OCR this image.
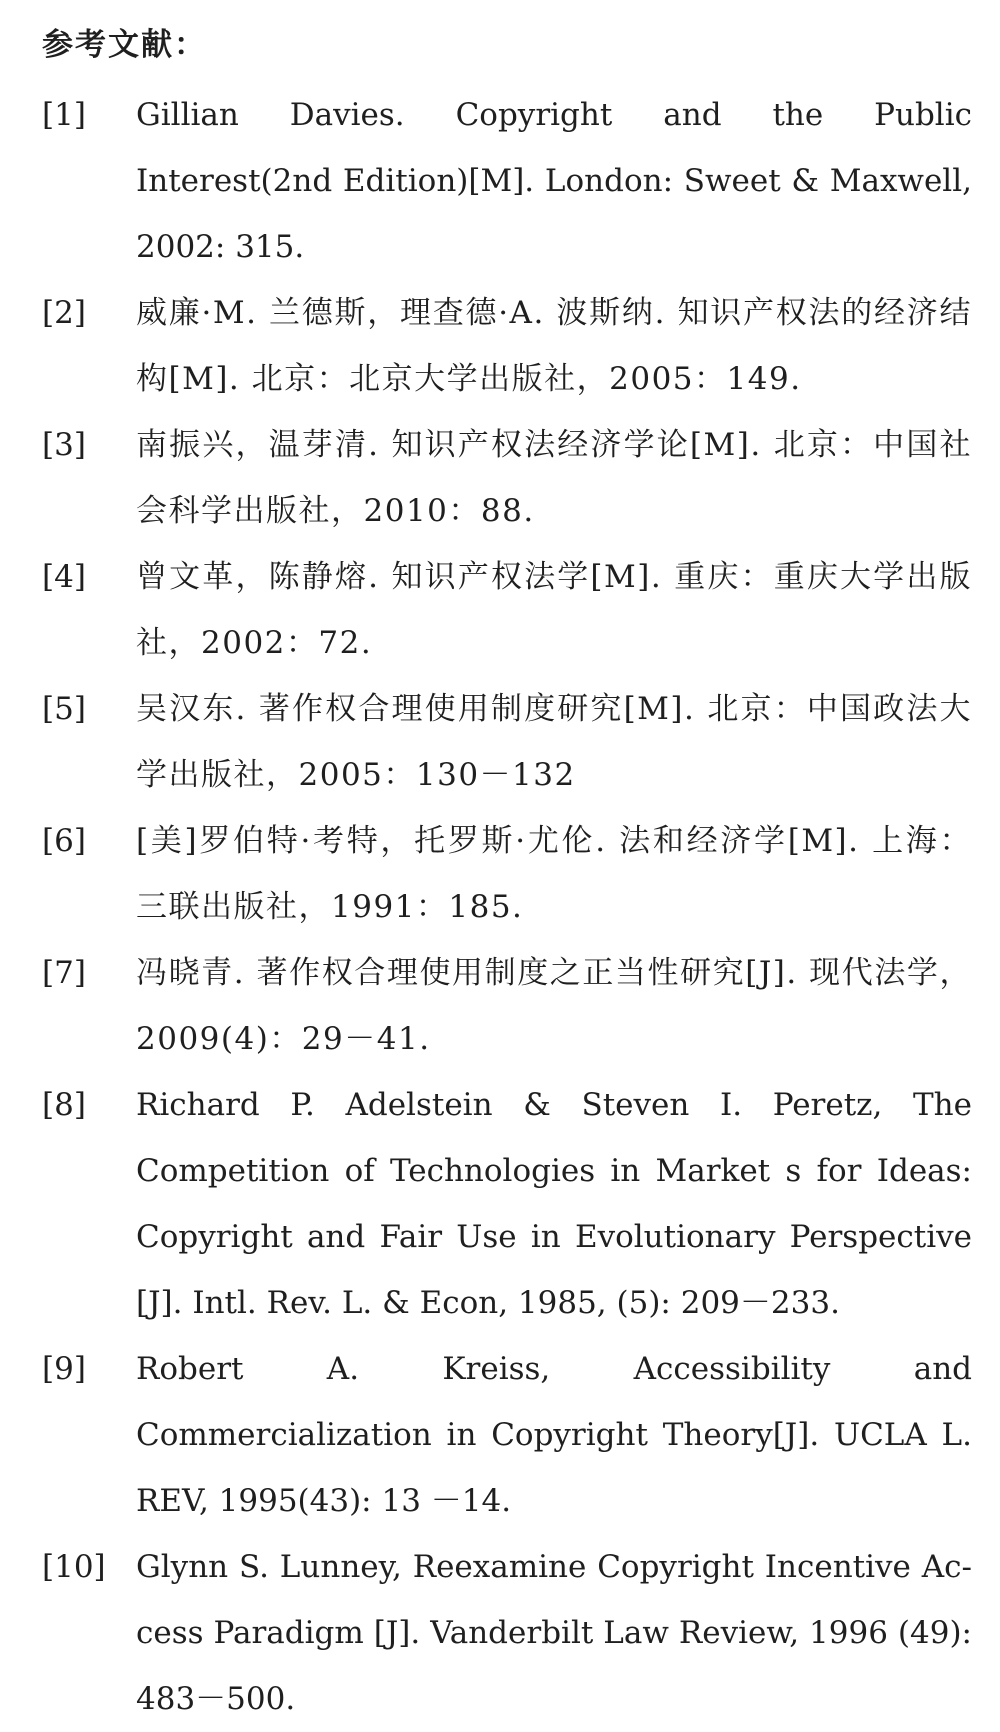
参考文献：
[1]	Gillian Davies. Copyright and the Public Interest(2nd Edition)[M]. London: Sweet & Maxwell, 2002: 315.
[2]	威廉·M. 兰德斯，理查德·A. 波斯纳. 知识产权法的经济结构[M]. 北京：北京大学出版社，2005：149.
[3]	南振兴，温芽清. 知识产权法经济学论[M]. 北京：中国社会科学出版社，2010：88.
[4]	曾文革，陈静熔. 知识产权法学[M]. 重庆：重庆大学出版社，2002：72.
[5]	吴汉东. 著作权合理使用制度研究[M]. 北京：中国政法大学出版社，2005：130－132
[6]	[美]罗伯特·考特，托罗斯·尤伦. 法和经济学[M]. 上海：三联出版社，1991：185.
[7]	冯晓青. 著作权合理使用制度之正当性研究[J]. 现代法学，2009(4)：29－41.
[8]	Richard P. Adelstein & Steven I. Peretz, The Competition of Technologies in Market s for Ideas: Copyright and Fair Use in Evolutionary Perspective [J]. Intl. Rev. L. & Econ, 1985, (5): 209－233.
[9]	Robert A. Kreiss, Accessibility and Commercialization in Copyright Theory[J]. UCLA L. REV, 1995(43): 13 －14.
[10] Glynn S. Lunney, Reexamine Copyright Incentive Access Paradigm [J]. Vanderbilt Law Review, 1996 (49): 483－500.
